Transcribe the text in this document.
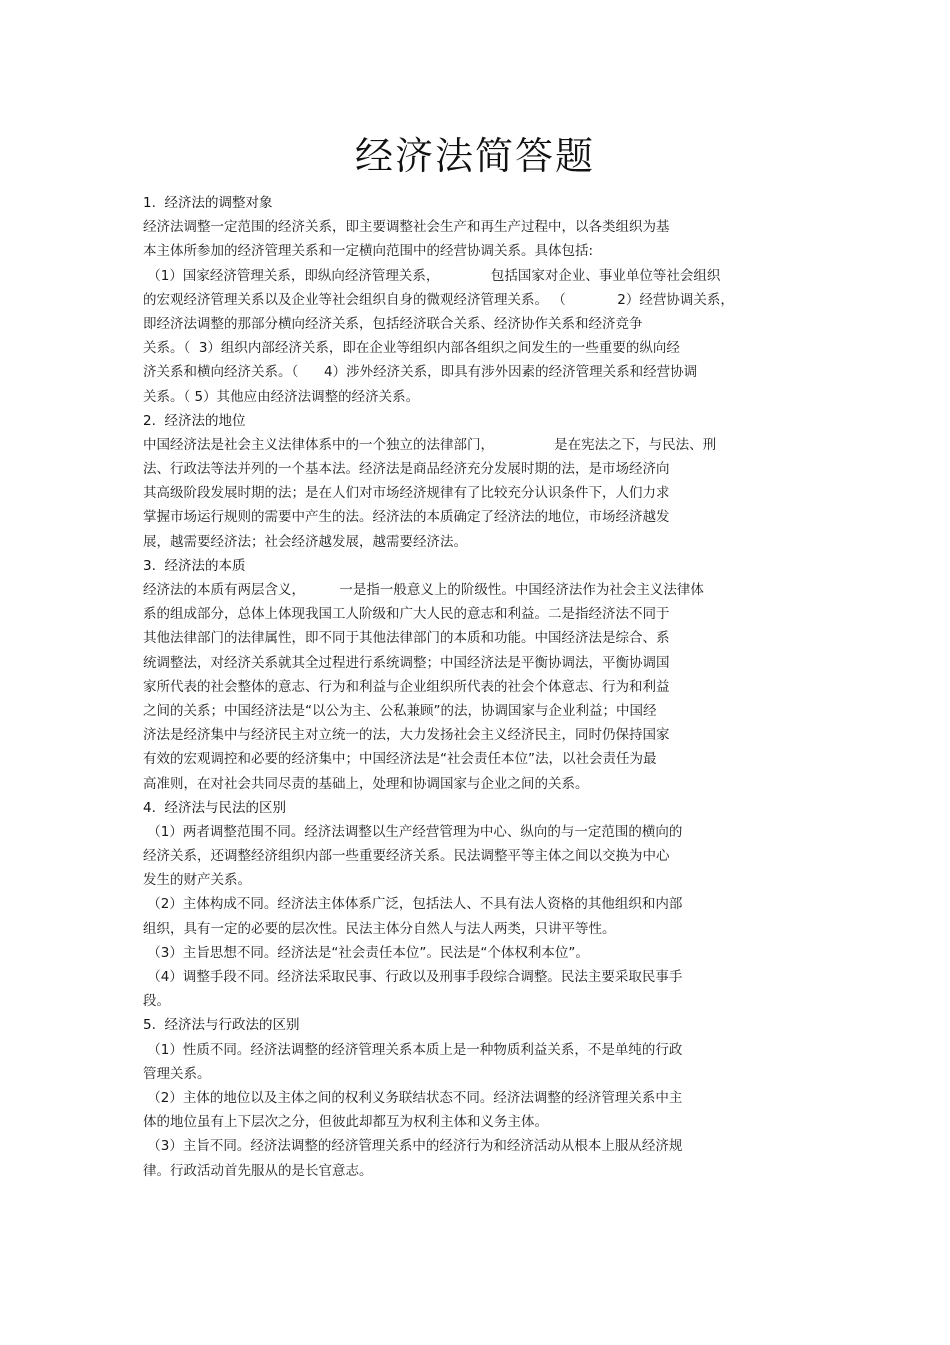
经济法简答题
1.  经济法的调整对象
经济法调整一定范围的经济关系，即主要调整社会生产和再生产过程中，以各类组织为基
本主体所参加的经济管理关系和一定横向范围中的经营协调关系。具体包括:
（1）国家经济管理关系，即纵向经济管理关系，            包括国家对企业、事业单位等社会组织
的宏观经济管理关系以及企业等社会组织自身的微观经济管理关系。 （            2）经营协调关系，
即经济法调整的那部分横向经济关系，包括经济联合关系、经济协作关系和经济竞争
关系。（  3）组织内部经济关系，即在企业等组织内部各组织之间发生的一些重要的纵向经
济关系和横向经济关系。（      4）涉外经济关系，即具有涉外因素的经济管理关系和经营协调
关系。（ 5）其他应由经济法调整的经济关系。
2.  经济法的地位
中国经济法是社会主义法律体系中的一个独立的法律部门，              是在宪法之下，与民法、刑
法、行政法等法并列的一个基本法。经济法是商品经济充分发展时期的法，是市场经济向
其高级阶段发展时期的法；是在人们对市场经济规律有了比较充分认识条件下，人们力求
掌握市场运行规则的需要中产生的法。经济法的本质确定了经济法的地位，市场经济越发
展，越需要经济法；社会经济越发展，越需要经济法。
3.  经济法的本质
经济法的本质有两层含义，        一是指一般意义上的阶级性。中国经济法作为社会主义法律体
系的组成部分，总体上体现我国工人阶级和广大人民的意志和利益。二是指经济法不同于
其他法律部门的法律属性，即不同于其他法律部门的本质和功能。中国经济法是综合、系
统调整法，对经济关系就其全过程进行系统调整；中国经济法是平衡协调法，平衡协调国
家所代表的社会整体的意志、行为和利益与企业组织所代表的社会个体意志、行为和利益
之间的关系；中国经济法是“以公为主、公私兼顾”的法，协调国家与企业利益；中国经
济法是经济集中与经济民主对立统一的法，大力发扬社会主义经济民主，同时仍保持国家
有效的宏观调控和必要的经济集中；中国经济法是“社会责任本位”法，以社会责任为最
高准则，在对社会共同尽责的基础上，处理和协调国家与企业之间的关系。
4.  经济法与民法的区别
（1）两者调整范围不同。经济法调整以生产经营管理为中心、纵向的与一定范围的横向的
经济关系，还调整经济组织内部一些重要经济关系。民法调整平等主体之间以交换为中心
发生的财产关系。
（2）主体构成不同。经济法主体体系广泛，包括法人、不具有法人资格的其他组织和内部
组织，具有一定的必要的层次性。民法主体分自然人与法人两类，只讲平等性。
（3）主旨思想不同。经济法是“社会责任本位”。民法是“个体权利本位”。
（4）调整手段不同。经济法采取民事、行政以及刑事手段综合调整。民法主要采取民事手
段。
5.  经济法与行政法的区别
（1）性质不同。经济法调整的经济管理关系本质上是一种物质利益关系，不是单纯的行政
管理关系。
（2）主体的地位以及主体之间的权利义务联结状态不同。经济法调整的经济管理关系中主
体的地位虽有上下层次之分，但彼此却都互为权利主体和义务主体。
（3）主旨不同。经济法调整的经济管理关系中的经济行为和经济活动从根本上服从经济规
律。行政活动首先服从的是长官意志。
